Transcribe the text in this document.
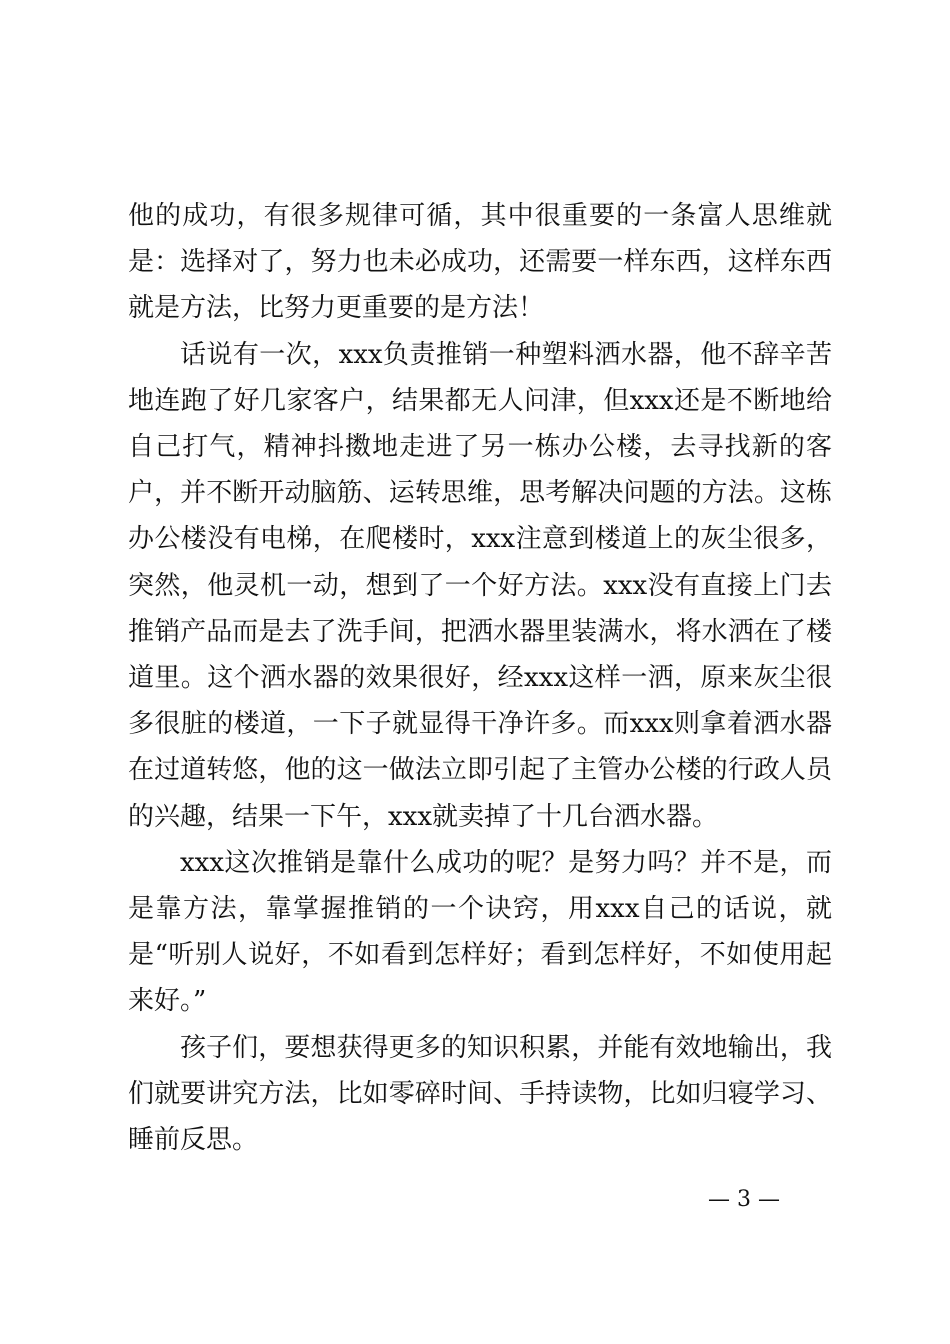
他的成功，有很多规律可循，其中很重要的一条富人思维就是：选择对了，努力也未必成功，还需要一样东西，这样东西就是方法，比努力更重要的是方法！

话说有一次，xxx负责推销一种塑料洒水器，他不辞辛苦地连跑了好几家客户，结果都无人问津，但xxx还是不断地给自己打气，精神抖擞地走进了另一栋办公楼，去寻找新的客户，并不断开动脑筋、运转思维，思考解决问题的方法。这栋办公楼没有电梯，在爬楼时，xxx注意到楼道上的灰尘很多，突然，他灵机一动，想到了一个好方法。xxx没有直接上门去推销产品而是去了洗手间，把洒水器里装满水，将水洒在了楼道里。这个洒水器的效果很好，经xxx这样一洒，原来灰尘很多很脏的楼道，一下子就显得干净许多。而xxx则拿着洒水器在过道转悠，他的这一做法立即引起了主管办公楼的行政人员的兴趣，结果一下午，xxx就卖掉了十几台洒水器。

xxx这次推销是靠什么成功的呢？是努力吗？并不是，而是靠方法，靠掌握推销的一个诀窍，用xxx自己的话说，就是“听别人说好，不如看到怎样好；看到怎样好，不如使用起来好。”

孩子们，要想获得更多的知识积累，并能有效地输出，我们就要讲究方法，比如零碎时间、手持读物，比如归寝学习、睡前反思。

— 3 —
